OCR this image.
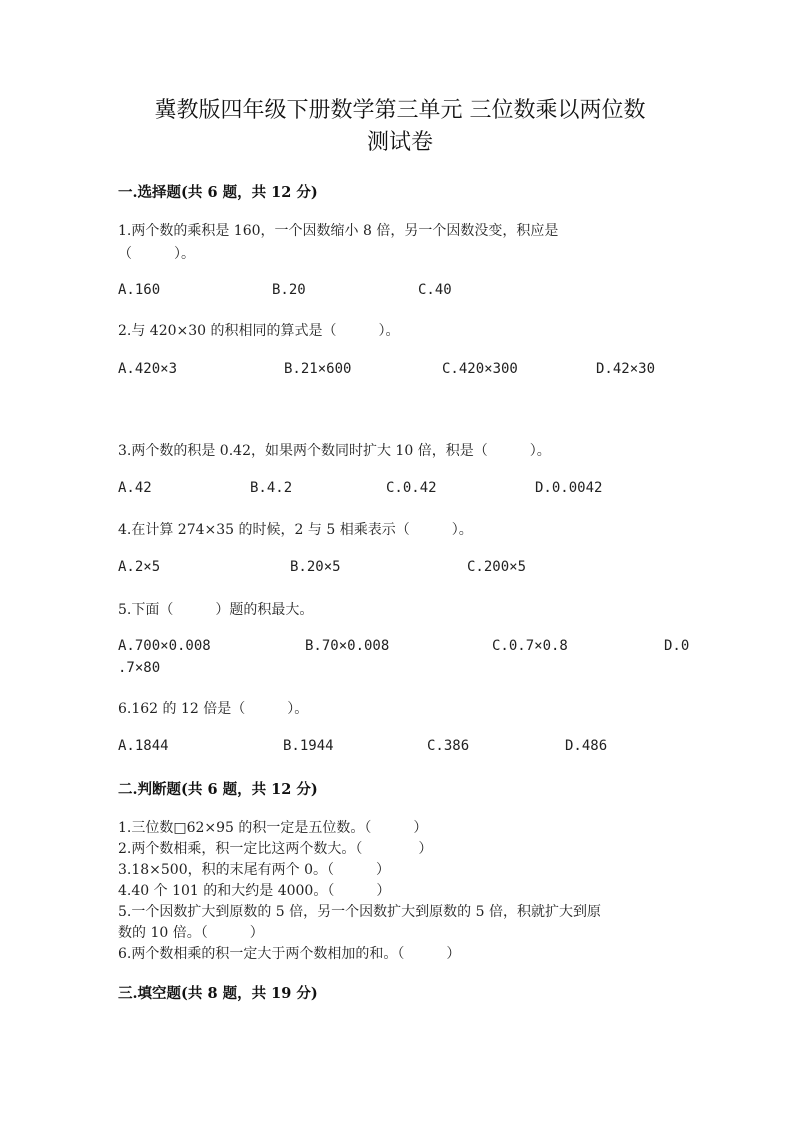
冀教版四年级下册数学第三单元 三位数乘以两位数
测试卷
一.选择题(共 6 题，共 12 分)
1.两个数的乘积是 160，一个因数缩小 8 倍，另一个因数没变，积应是
（　　　）。
A.160	B.20	C.40
2.与 420×30 的积相同的算式是（　　　）。
A.420×3	B.21×600	C.420×300	D.42×30
3.两个数的积是 0.42，如果两个数同时扩大 10 倍，积是（　　　）。
A.42	B.4.2	C.0.42	D.0.0042
4.在计算 274×35 的时候，2 与 5 相乘表示（　　　）。
A.2×5	B.20×5	C.200×5
5.下面（　　　）题的积最大。
A.700×0.008	B.70×0.008	C.0.7×0.8	D.0
.7×80
6.162 的 12 倍是（　　　）。
A.1844	B.1944	C.386	D.486
二.判断题(共 6 题，共 12 分)
1.三位数□62×95 的积一定是五位数。（　　　）
2.两个数相乘，积一定比这两个数大。（　　　　）
3.18×500，积的末尾有两个 0。（　　　）
4.40 个 101 的和大约是 4000。（　　　）
5.一个因数扩大到原数的 5 倍，另一个因数扩大到原数的 5 倍，积就扩大到原
数的 10 倍。（　　　）
6.两个数相乘的积一定大于两个数相加的和。（　　　）
三.填空题(共 8 题，共 19 分)
